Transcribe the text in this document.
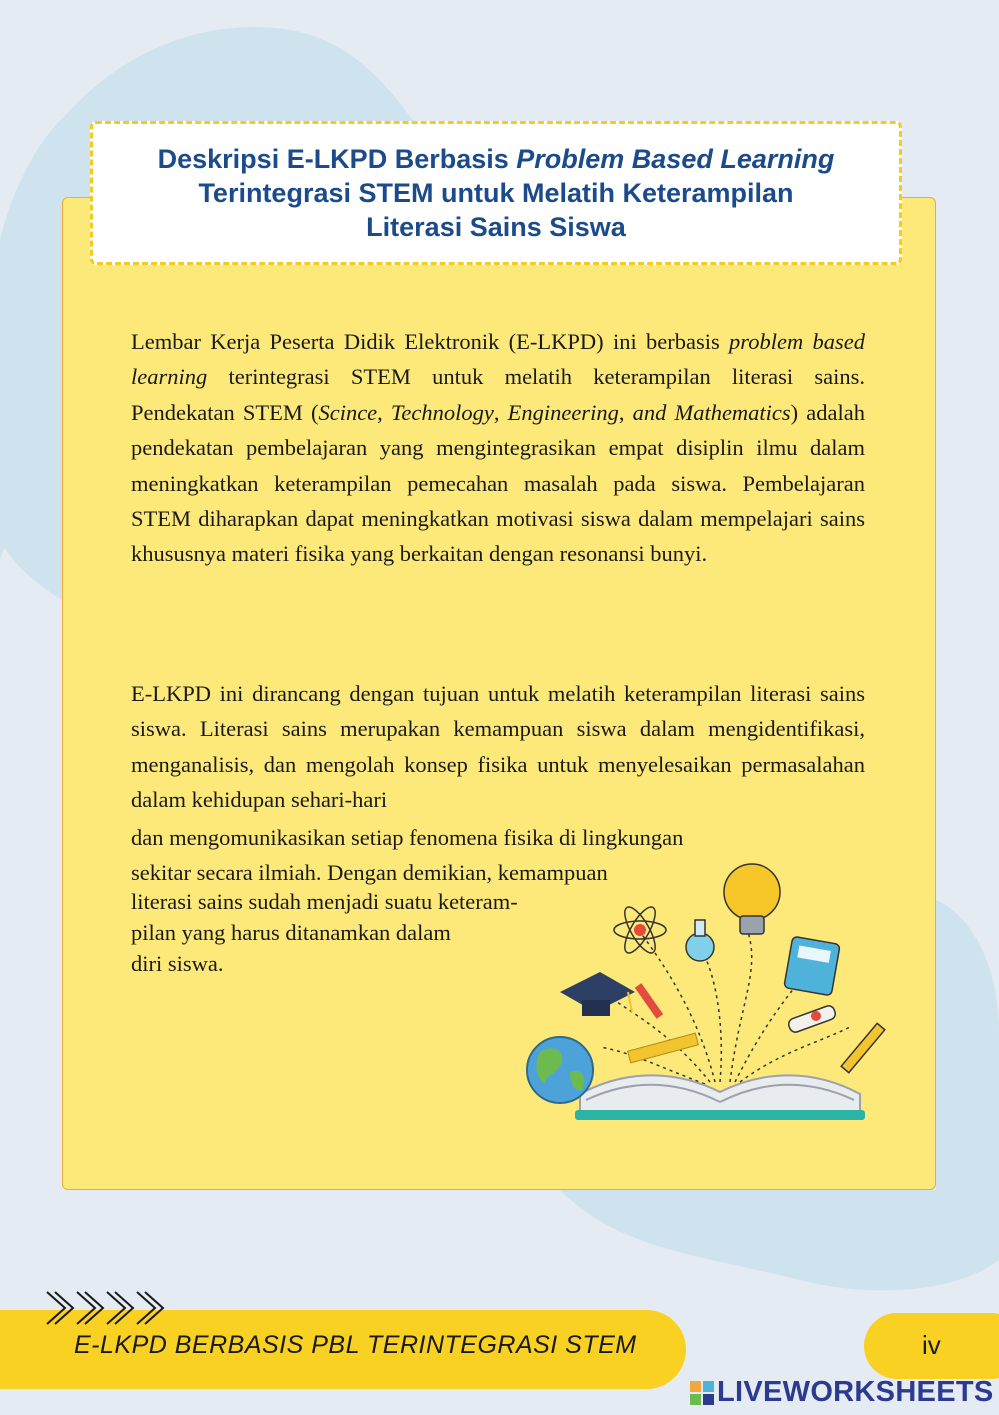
Deskripsi E-LKPD Berbasis Problem Based Learning
Terintegrasi STEM untuk Melatih Keterampilan
Literasi Sains Siswa

Lembar Kerja Peserta Didik Elektronik (E-LKPD) ini berbasis problem based learning terintegrasi STEM untuk melatih keterampilan literasi sains. Pendekatan STEM (Scince, Technology, Engineering, and Mathematics) adalah pendekatan pembelajaran yang mengintegrasikan empat disiplin ilmu dalam meningkatkan keterampilan pemecahan masalah pada siswa. Pembelajaran STEM diharapkan dapat meningkatkan motivasi siswa dalam mempelajari sains khususnya materi fisika yang berkaitan dengan resonansi bunyi.

E-LKPD ini dirancang dengan tujuan untuk melatih keterampilan literasi sains siswa. Literasi sains merupakan kemampuan siswa dalam mengidentifikasi, menganalisis, dan mengolah konsep fisika untuk menyelesaikan permasalahan dalam kehidupan sehari-hari

dan mengomunikasikan setiap fenomena fisika di lingkungan
sekitar secara ilmiah. Dengan demikian, kemampuan
literasi sains sudah menjadi suatu keteram-
pilan yang harus ditanamkan dalam
diri siswa.

E-LKPD BERBASIS PBL TERINTEGRASI STEM	iv

LIVEWORKSHEETS
